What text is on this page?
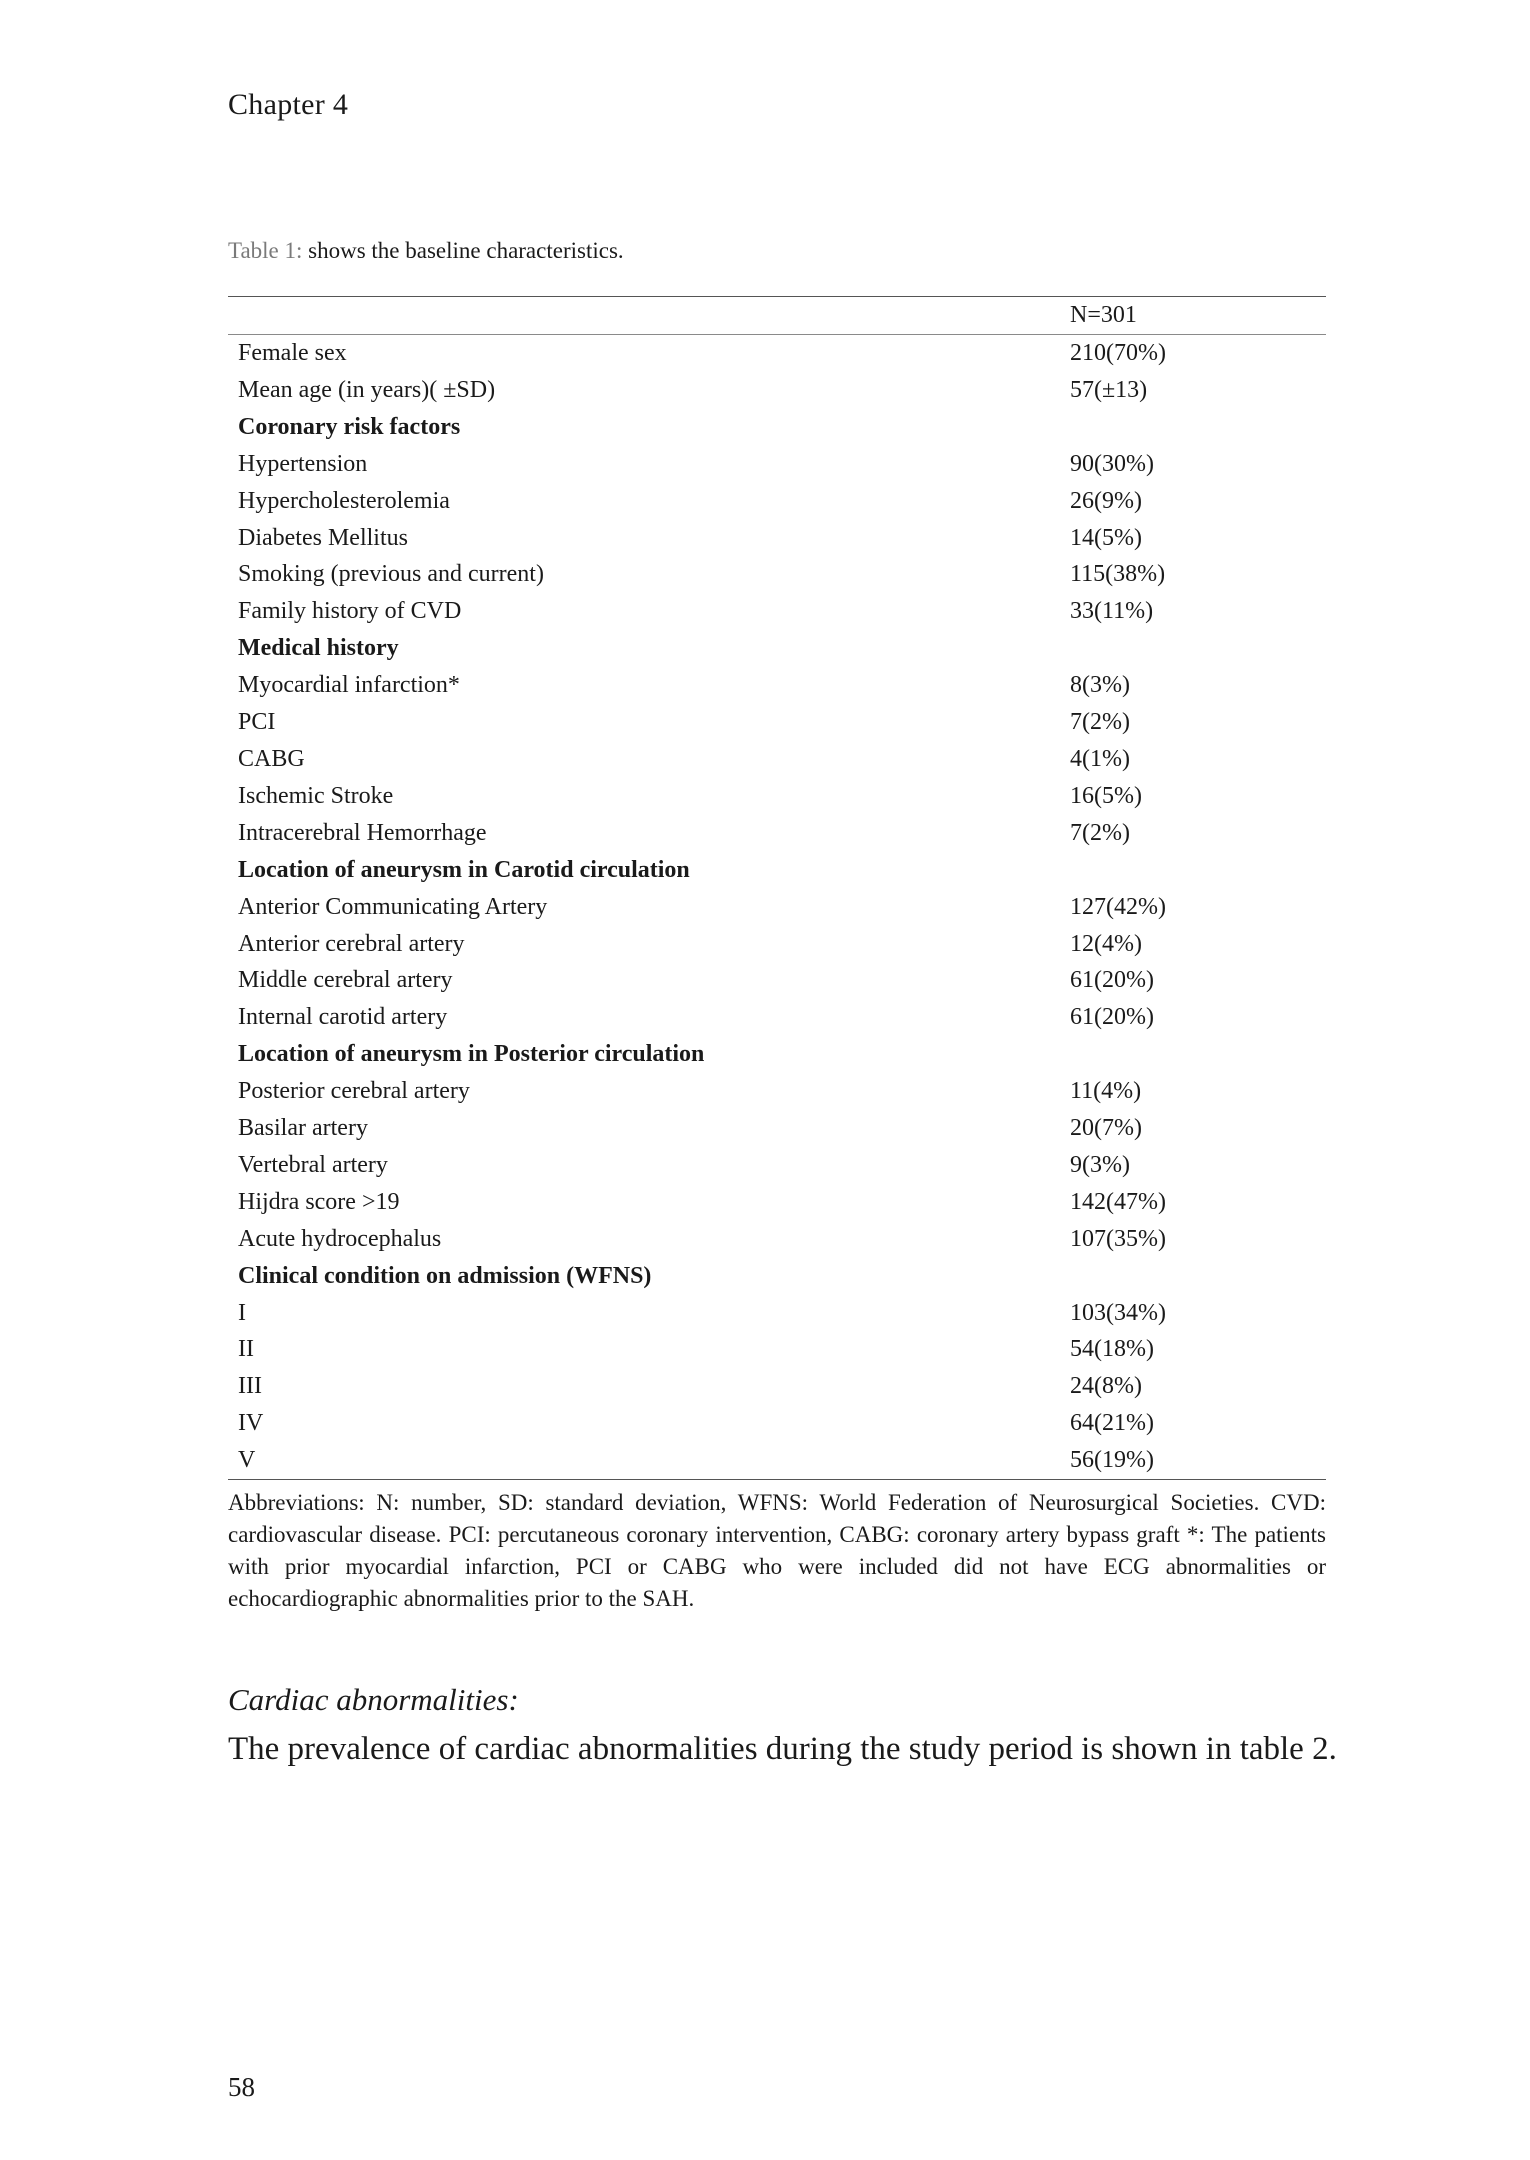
Chapter 4
Table 1: shows the baseline characteristics.
	N=301
Female sex	210(70%)
Mean age (in years)( ±SD)	57(±13)
Coronary risk factors	
Hypertension	90(30%)
Hypercholesterolemia	26(9%)
Diabetes Mellitus	14(5%)
Smoking (previous and current)	115(38%)
Family history of CVD	33(11%)
Medical history	
Myocardial infarction*	8(3%)
PCI	7(2%)
CABG	4(1%)
Ischemic Stroke	16(5%)
Intracerebral Hemorrhage	7(2%)
Location of aneurysm in Carotid circulation	
Anterior Communicating Artery	127(42%)
Anterior cerebral artery	12(4%)
Middle cerebral artery	61(20%)
Internal carotid artery	61(20%)
Location of aneurysm in Posterior circulation	
Posterior cerebral artery	11(4%)
Basilar artery	20(7%)
Vertebral artery	9(3%)
Hijdra score >19	142(47%)
Acute hydrocephalus	107(35%)
Clinical condition on admission (WFNS)	
I	103(34%)
II	54(18%)
III	24(8%)
IV	64(21%)
V	56(19%)
Abbreviations: N: number, SD: standard deviation, WFNS: World Federation of Neurosurgical Societies. CVD: cardiovascular disease. PCI: percutaneous coronary intervention, CABG: coronary artery bypass graft *: The patients with prior myocardial infarction, PCI or CABG who were included did not have ECG abnormalities or echocardiographic abnormalities prior to the SAH.
Cardiac abnormalities:
The prevalence of cardiac abnormalities during the study period is shown in table 2.
58
